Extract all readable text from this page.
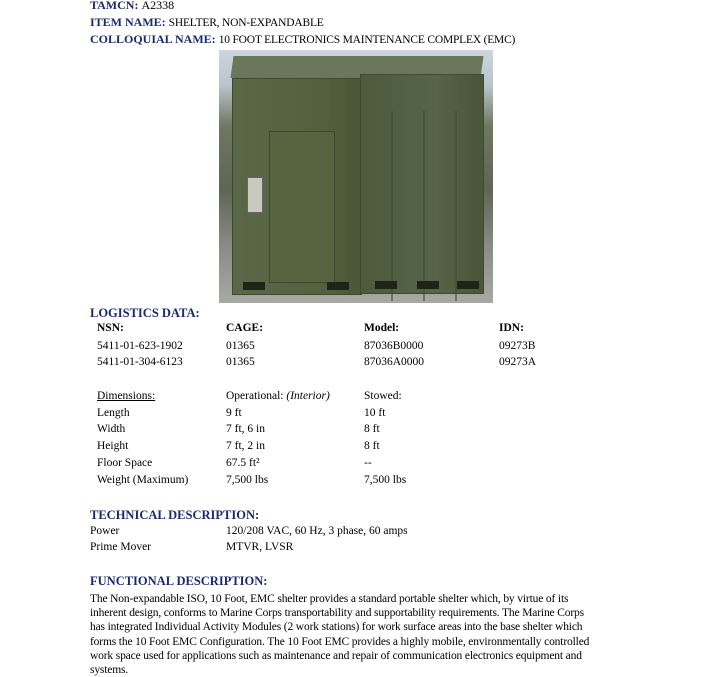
TAMCN: A2338
ITEM NAME: SHELTER, NON-EXPANDABLE
COLLOQUIAL NAME: 10 FOOT ELECTRONICS MAINTENANCE COMPLEX (EMC)
LOGISTICS DATA:
NSN:	CAGE:	Model:	IDN:
5411-01-623-1902	01365	87036B0000	09273B
5411-01-304-6123	01365	87036A0000	09273A
Dimensions:	Operational: (Interior)	Stowed:
Length	9 ft	10 ft
Width	7 ft, 6 in	8 ft
Height	7 ft, 2 in	8 ft
Floor Space	67.5 ft²	--
Weight (Maximum)	7,500 lbs	7,500 lbs
TECHNICAL DESCRIPTION:
Power	120/208 VAC, 60 Hz, 3 phase, 60 amps
Prime Mover	MTVR, LVSR
FUNCTIONAL DESCRIPTION:
The Non-expandable ISO, 10 Foot, EMC shelter provides a standard portable shelter which, by virtue of its
inherent design, conforms to Marine Corps transportability and supportability requirements. The Marine Corps
has integrated Individual Activity Modules (2 work stations) for work surface areas into the base shelter which
forms the 10 Foot EMC Configuration. The 10 Foot EMC provides a highly mobile, environmentally controlled
work space used for applications such as maintenance and repair of communication electronics equipment and
systems.
